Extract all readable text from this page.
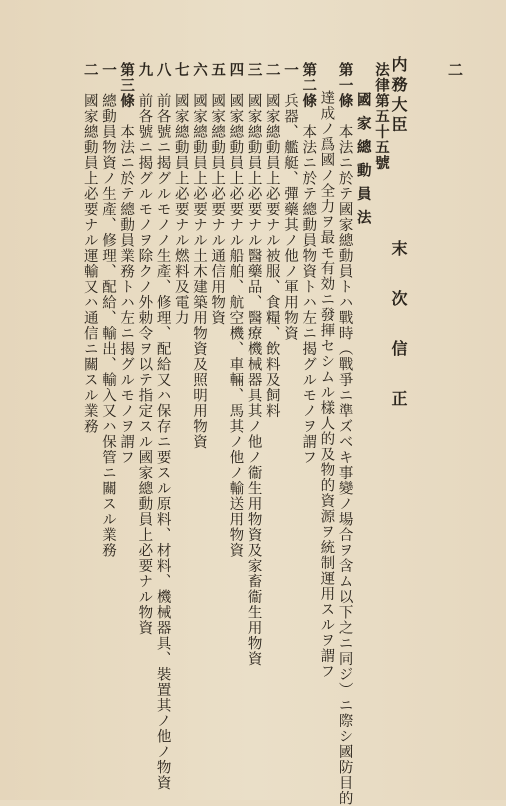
二
内務大臣
末次信正
法律第五十五號
國家總動員法
第一條　本法ニ於テ國家總動員トハ戰時（戰爭ニ準ズベキ事變ノ場合ヲ含ム以下之ニ同ジ）ニ際シ國防目的
達成ノ爲國ノ全力ヲ最モ有効ニ發揮セシムル樣人的及物的資源ヲ統制運用スルヲ謂フ
第二條　本法ニ於テ總動員物資トハ左ニ揭グルモノヲ謂フ
一　兵器、艦艇、彈藥其ノ他ノ軍用物資
二　國家總動員上必要ナル被服、食糧、飲料及飼料
三　國家總動員上必要ナル醫藥品、醫療機械器具其ノ他ノ衞生用物資及家畜衞生用物資
四　國家總動員上必要ナル船舶、航空機、車輛、馬其ノ他ノ輸送用物資
五　國家總動員上必要ナル通信用物資
六　國家總動員上必要ナル土木建築用物資及照明用物資
七　國家總動員上必要ナル燃料及電力
八　前各號ニ揭グルモノノ生產、修理、配給又ハ保存ニ要スル原料、材料、機械器具、裝置其ノ他ノ物資
九　前各號ニ揭グルモノヲ除クノ外勅令ヲ以テ指定スル國家總動員上必要ナル物資
第三條　本法ニ於テ總動員業務トハ左ニ揭グルモノヲ謂フ
一　總動員物資ノ生產、修理、配給、輸出、輸入又ハ保管ニ關スル業務
二　國家總動員上必要ナル運輸又ハ通信ニ關スル業務
